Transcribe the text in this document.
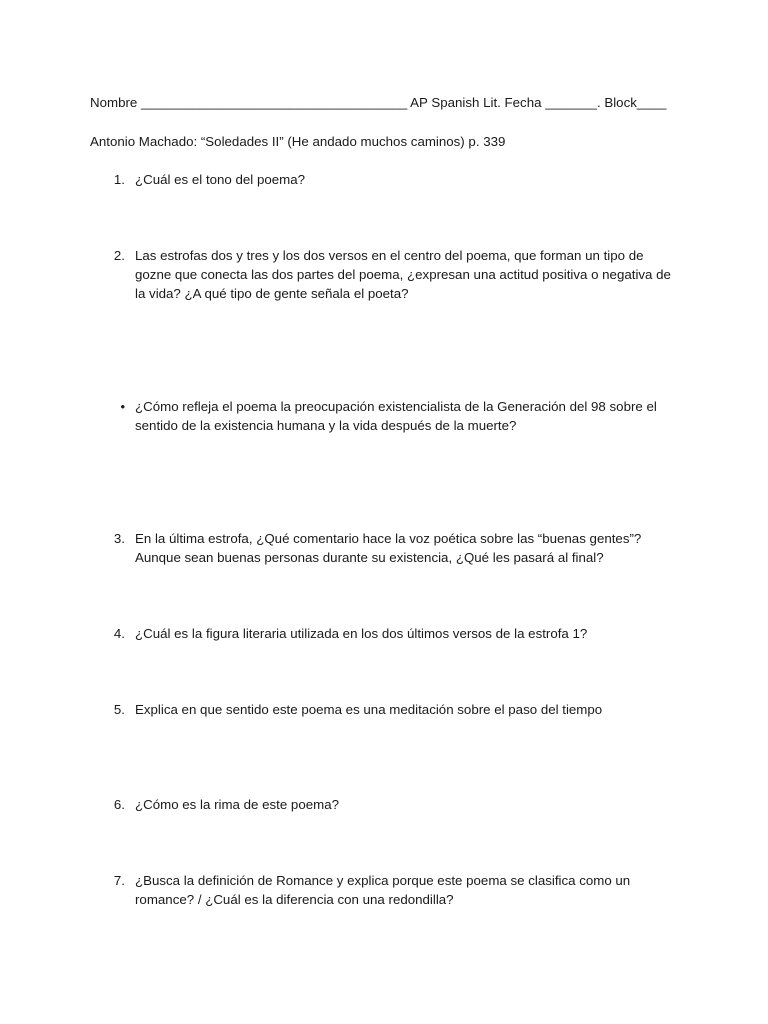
Nombre ____________________________________ AP Spanish Lit. Fecha _______. Block____
Antonio Machado: “Soledades II” (He andado muchos caminos) p. 339
1. ¿Cuál es el tono del poema?
2. Las estrofas dos y tres y los dos versos en el centro del poema, que forman un tipo de gozne que conecta las dos partes del poema, ¿expresan una actitud positiva o negativa de la vida? ¿A qué tipo de gente señala el poeta?
• ¿Cómo refleja el poema la preocupación existencialista de la Generación del 98 sobre el sentido de la existencia humana y la vida después de la muerte?
3. En la última estrofa, ¿Qué comentario hace la voz poética sobre las “buenas gentes”? Aunque sean buenas personas durante su existencia, ¿Qué les pasará al final?
4. ¿Cuál es la figura literaria utilizada en los dos últimos versos de la estrofa 1?
5. Explica en que sentido este poema es una meditación sobre el paso del tiempo
6. ¿Cómo es la rima de este poema?
7. ¿Busca la definición de Romance y explica porque este poema se clasifica como un romance? / ¿Cuál es la diferencia con una redondilla?
